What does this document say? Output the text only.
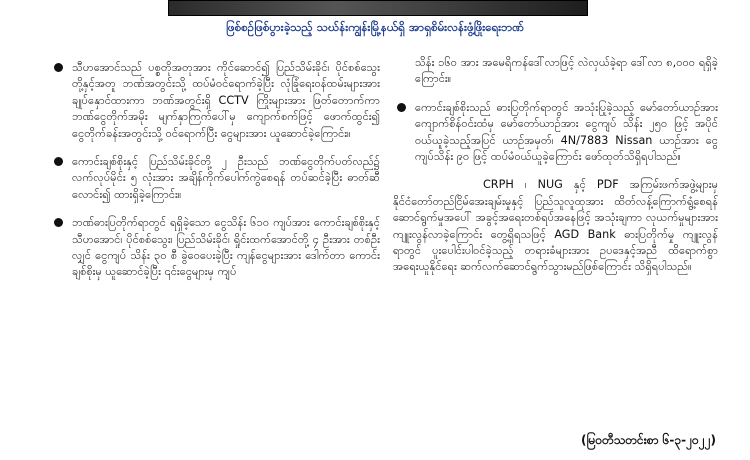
ဖြစ်စဉ်ဖြစ်ပွားခဲ့သည့် သဃ်န်းကျွန်းမြို့နယ်ရှိ အာရှစိမ်းလန်းဖွံ့ဖြိုးရေးဘဏ်
သီဟအောင်သည် ပစ္စတိုအတုအား ကိုင်ဆောင်၍ ပြည်သိမ်းခိုင်၊ ပိုင်စစ်သွေးတို့နှင့်အတူ ဘဏ်အတွင်းသို့ ထပ်မံဝင်ရောက်ခဲ့ပြီး လုံခြုံရေးဝန်ထမ်းများအား ချုပ်နှောင်ထားကာ ဘဏ်အတွင်းရှိ CCTV ကြိုးများအား ဖြတ်တောက်ကာ ဘဏ်ငွေတိုက်အမိုး မျက်နှာကြက်ပေါ်မှ ကျောက်စက်ဖြင့် ဖောက်ထွင်း၍ ငွေတိုက်ခန်းအတွင်းသို့ ဝင်ရောက်ပြီး ငွေများအား ယူဆောင်ခဲ့ကြောင်း။
ကောင်းချစ်စိုးနှင့် ပြည်သိမ်းခိုင်တို့ ၂ ဦးသည် ဘဏ်ငွေတိုက်ပတ်လည်၌ လက်လုပ်မိုင်း ၅ လုံးအား အချိန်ကိုက်ပေါက်ကွဲစေရန် တပ်ဆင်ခဲ့ပြီး ဓာတ်ဆီလောင်း၍ ထားရှိခဲ့ကြောင်း။
ဘဏ်ဓားပြတိုက်ရာတွင် ရရှိခဲ့သော ငွေသိန်း ၆၁၀ ကျပ်အား ကောင်းချစ်စိုးနှင့် သီဟအောင်၊ ပိုင်စစ်သွေး၊ ပြည်သိမ်းခိုင်၊ ရှိုင်းထက်အောင်တို့ ၄ ဦးအား တစ်ဦးလျှင် ငွေကျပ် သိန်း ၃၀ စီ ခွဲဝေပေးခဲ့ပြီး ကျန်ငွေများအား ဒေါက်တာ ကောင်းချစ်စိုးမှ ယူဆောင်ခဲ့ပြီး ၎င်းငွေများမှ ကျပ်
သိန်း ၁၆၀ အား အမေရိကန်ဒေါ်လာဖြင့် လဲလှယ်ခဲ့ရာ ဒေါ်လာ ၈,၀၀၀ ရရှိခဲ့ကြောင်း။
ကောင်းချစ်စိုးသည် ဓားပြတိုက်ရာတွင် အသုံးပြုခဲ့သည့် မော်တော်ယာဉ်အား ကျောက်စိန်ဝင်းထံမှ မော်တော်ယာဉ်အား ငွေကျပ် သိန်း ၂၅၀ ဖြင့် အပိုင်ဝယ်ယူခဲ့သည့်အပြင် ယာဉ်အမှတ်၊ 4N/7883 Nissan ယာဉ်အား ငွေကျပ်သိန်း ၉၀ ဖြင့် ထပ်မံဝယ်ယူခဲ့ကြောင်း ဖော်ထုတ်သိရှိရပါသည်။

CRPH ၊ NUG နှင့် PDF အကြမ်းဖက်အဖွဲ့များမှ နိုင်ငံတော်တည်ငြိမ်အေးချမ်းမှုနှင့် ပြည်သူလူထုအား ထိတ်လန့်ကြောက်ရွံ့စေရန် ဆောင်ရွက်မှုအပေါ် အခွင့်အရေးတစ်ရပ်အနေဖြင့် အသုံးချကာ လုယက်မှုများအား ကျူးလွန်လာခဲ့ကြောင်း တွေ့ရှိရသဖြင့် AGD Bank ဓားပြတိုက်မှု ကျူးလွန်ရာတွင် ပူးပေါင်းပါဝင်ခဲ့သည့် တရားခံများအား ဥပဒေနှင့်အညီ ထိရောက်စွာ အရေးယူနိုင်ရေး ဆက်လက်ဆောင်ရွက်သွားမည်ဖြစ်ကြောင်း သိရှိရပါသည်။

(မြဝတီသတင်းစာ ၆-၃-၂၀၂၂)
